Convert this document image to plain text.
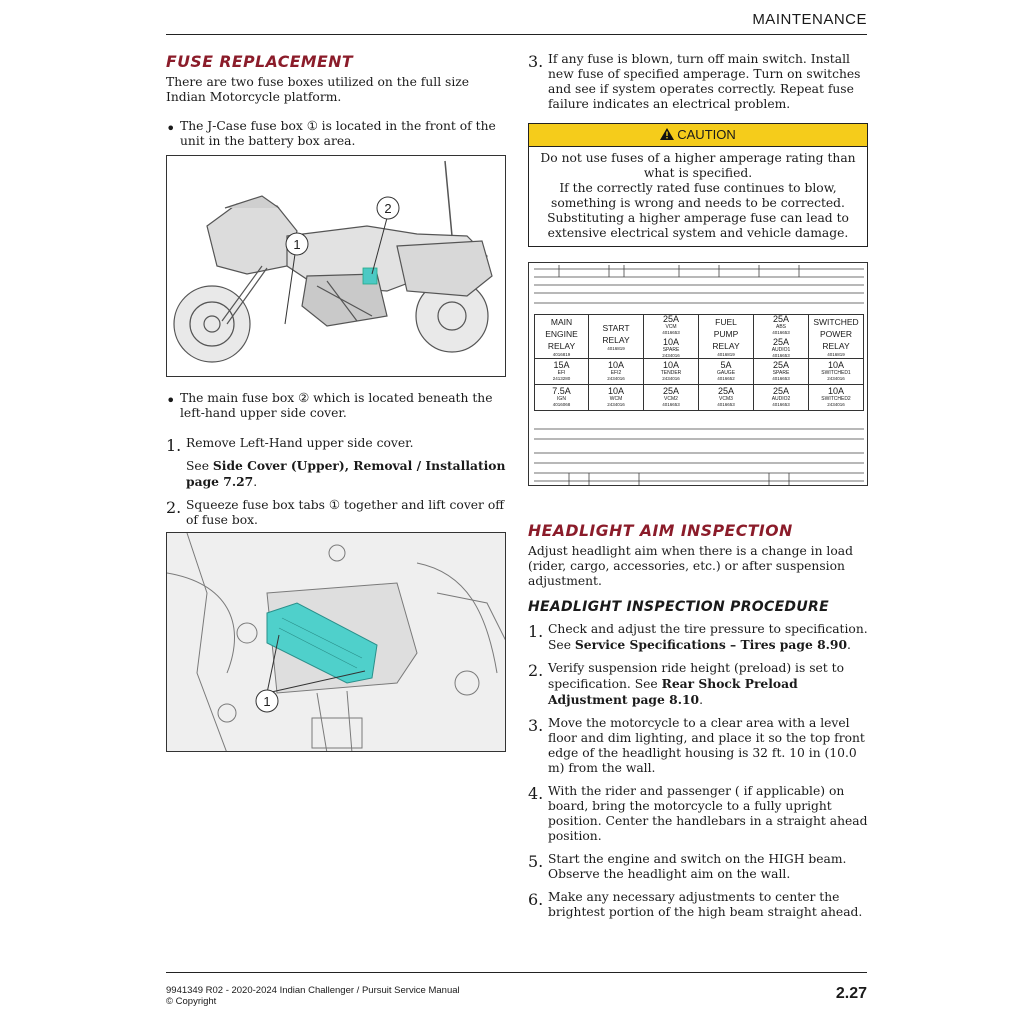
MAINTENANCE
FUSE REPLACEMENT

There are two fuse boxes utilized on the full size Indian Motorcycle platform.

• The J-Case fuse box ① is located in the front of the unit in the battery box area.

1
2
• The main fuse box ② which is located beneath the left-hand upper side cover.

1. Remove Left-Hand upper side cover.

See Side Cover (Upper), Removal / Installation page 7.27.

2. Squeeze fuse box tabs ① together and lift cover off of fuse box.

1
3. If any fuse is blown, turn off main switch. Install new fuse of specified amperage. Turn on switches and see if system operates correctly. Repeat fuse failure indicates an electrical problem.

CAUTION

Do not use fuses of a higher amperage rating than what is specified.

If the correctly rated fuse continues to blow, something is wrong and needs to be corrected. Substituting a higher amperage fuse can lead to extensive electrical system and vehicle damage.

MAIN
ENGINE
RELAY
4016819
START
RELAY
4016819
25A
VCM
4016653
10A
SPARE
2434016
FUEL
PUMP
RELAY
4016819
25A
ABS
4016653
25A
AUDIO1
4016653
SWITCHED
POWER
RELAY
4016819
15A
EFI
2413280
10A
EFI2
2434016
10A
TENDER
2434016
5A
GAUGE
4016652
25A
SPARE
4016653
10A
SWITCHED1
2434016
7.5A
IGN
4016068
10A
WCM
2434016
25A
VCM2
4016653
25A
VCM3
4016653
25A
AUDIO2
4016653
10A
SWITCHED2
2434016
HEADLIGHT AIM INSPECTION

Adjust headlight aim when there is a change in load (rider, cargo, accessories, etc.) or after suspension adjustment.

HEADLIGHT INSPECTION PROCEDURE
1. Check and adjust the tire pressure to specification. See Service Specifications – Tires page 8.90.

2. Verify suspension ride height (preload) is set to specification. See Rear Shock Preload Adjustment page 8.10.

3. Move the motorcycle to a clear area with a level floor and dim lighting, and place it so the top front edge of the headlight housing is 32 ft. 10 in (10.0 m) from the wall.

4. With the rider and passenger ( if applicable) on board, bring the motorcycle to a fully upright position. Center the handlebars in a straight ahead position.

5. Start the engine and switch on the HIGH beam. Observe the headlight aim on the wall.

6. Make any necessary adjustments to center the brightest portion of the high beam straight ahead.

9941349 R02 - 2020-2024 Indian Challenger / Pursuit Service Manual
© Copyright	2.27
